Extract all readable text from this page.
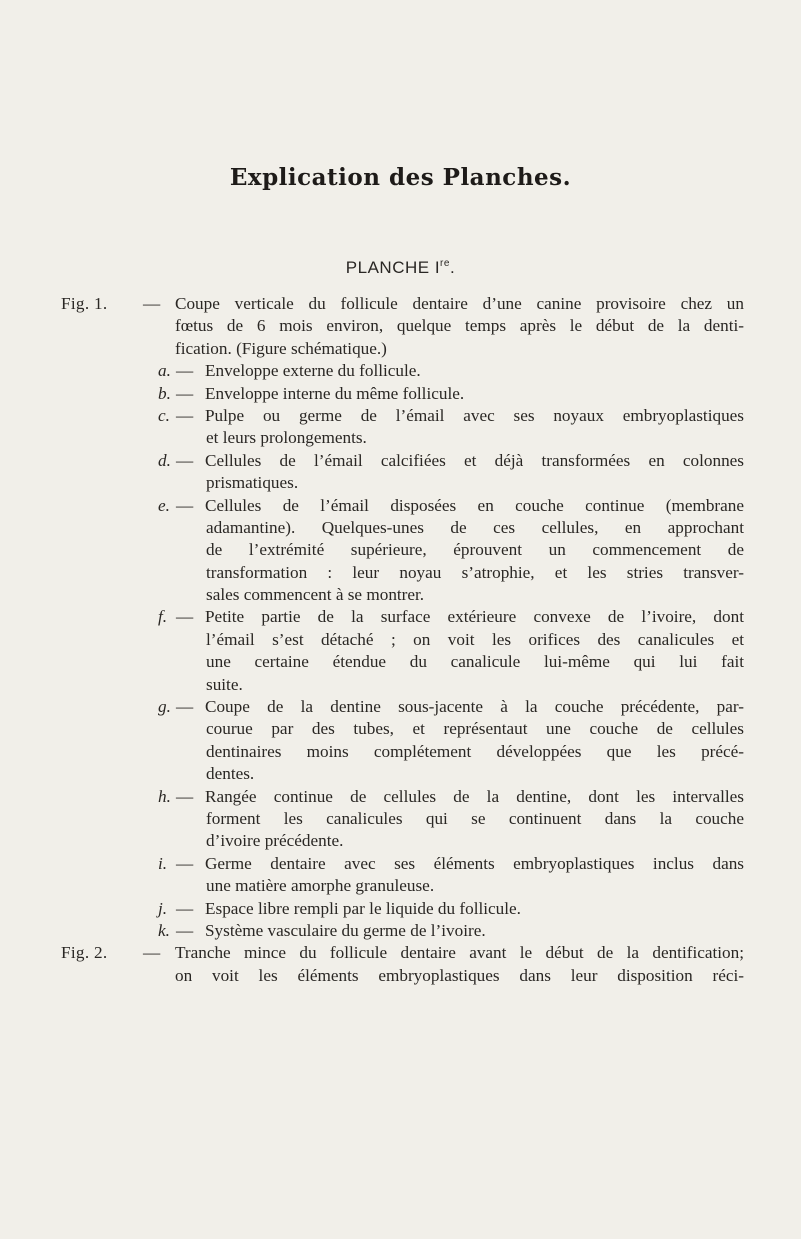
Explication des Planches.
PLANCHE Ire.
Fig. 1. — Coupe verticale du follicule dentaire d’une canine provisoire chez un
fœtus de 6 mois environ, quelque temps après le début de la denti-
fication. (Figure schématique.)
a. — Enveloppe externe du follicule.
b. — Enveloppe interne du même follicule.
c. — Pulpe ou germe de l’émail avec ses noyaux embryoplastiques
et leurs prolongements.
d. — Cellules de l’émail calcifiées et déjà transformées en colonnes
prismatiques.
e. — Cellules de l’émail disposées en couche continue (membrane
adamantine). Quelques-unes de ces cellules, en approchant
de l’extrémité supérieure, éprouvent un commencement de
transformation : leur noyau s’atrophie, et les stries transver-
sales commencent à se montrer.
f. — Petite partie de la surface extérieure convexe de l’ivoire, dont
l’émail s’est détaché ; on voit les orifices des canalicules et
une certaine étendue du canalicule lui-même qui lui fait
suite.
g. — Coupe de la dentine sous-jacente à la couche précédente, par-
courue par des tubes, et représentaut une couche de cellules
dentinaires moins complétement développées que les précé-
dentes.
h. — Rangée continue de cellules de la dentine, dont les intervalles
forment les canalicules qui se continuent dans la couche
d’ivoire précédente.
i. — Germe dentaire avec ses éléments embryoplastiques inclus dans
une matière amorphe granuleuse.
j. — Espace libre rempli par le liquide du follicule.
k. — Système vasculaire du germe de l’ivoire.
Fig. 2. — Tranche mince du follicule dentaire avant le début de la dentification;
on voit les éléments embryoplastiques dans leur disposition réci-
